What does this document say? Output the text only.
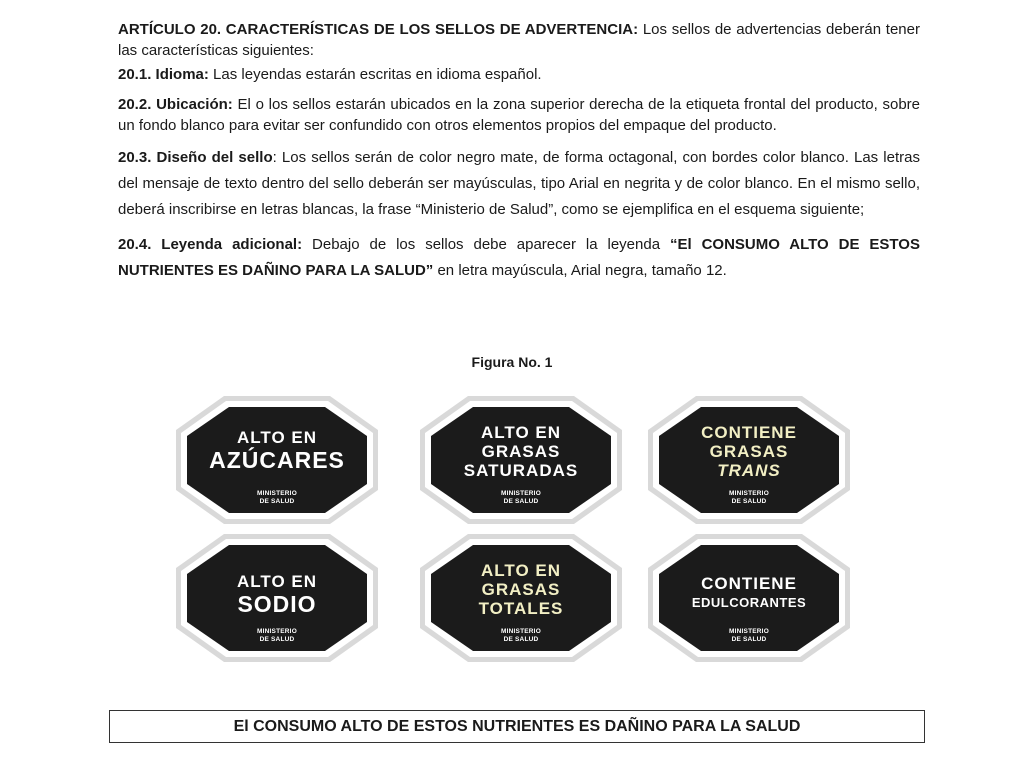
ARTÍCULO 20. CARACTERÍSTICAS DE LOS SELLOS DE ADVERTENCIA: Los sellos de advertencias deberán tener las características siguientes:

20.1. Idioma: Las leyendas estarán escritas en idioma español.

20.2. Ubicación: El o los sellos estarán ubicados en la zona superior derecha de la etiqueta frontal del producto, sobre un fondo blanco para evitar ser confundido con otros elementos propios del empaque del producto.

20.3. Diseño del sello: Los sellos serán de color negro mate, de forma octagonal, con bordes color blanco. Las letras del mensaje de texto dentro del sello deberán ser mayúsculas, tipo Arial en negrita y de color blanco. En el mismo sello, deberá inscribirse en letras blancas, la frase “Ministerio de Salud”, como se ejemplifica en el esquema siguiente;

20.4. Leyenda adicional: Debajo de los sellos debe aparecer la leyenda “El CONSUMO ALTO DE ESTOS NUTRIENTES ES DAÑINO PARA LA SALUD” en letra mayúscula, Arial negra, tamaño 12.

Figura No. 1
ALTO EN
AZÚCARES
MINISTERIO
DE SALUD
ALTO EN
GRASAS
SATURADAS
MINISTERIO
DE SALUD
CONTIENE
GRASAS
TRANS
MINISTERIO
DE SALUD
ALTO EN
SODIO
MINISTERIO
DE SALUD
ALTO EN
GRASAS
TOTALES
MINISTERIO
DE SALUD
CONTIENE
EDULCORANTES
MINISTERIO
DE SALUD
El CONSUMO ALTO DE ESTOS NUTRIENTES ES DAÑINO PARA LA SALUD
